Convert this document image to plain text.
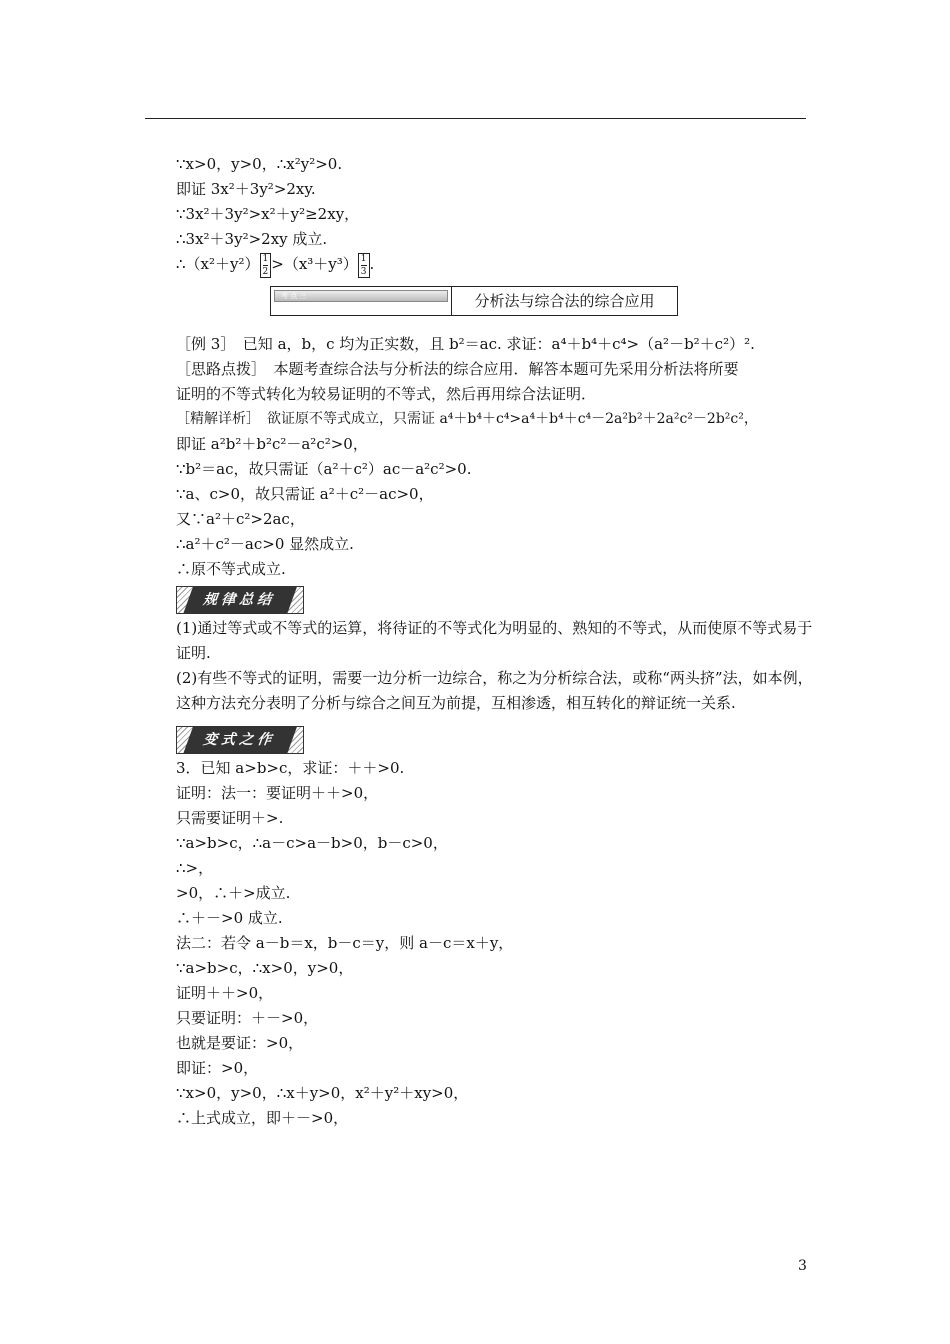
∵x>0，y>0，∴x²y²>0.
即证 3x²＋3y²>2xy.
∵3x²＋3y²>x²＋y²≥2xy，
∴3x²＋3y²>2xy 成立.
∴（x²＋y²） $\frac{1}{2} >(x^3+y^3) \frac{1}{3}$ .
考 点 三	分析法与综合法的综合应用
［例 3］　已知 a，b，c 均为正实数，且 b²＝ac. 求证：a⁴＋b⁴＋c⁴>（a²－b²＋c²）².
［思路点拨］　本题考查综合法与分析法的综合应用．解答本题可先采用分析法将所要
证明的不等式转化为较易证明的不等式，然后再用综合法证明．
［精解详析］　欲证原不等式成立，只需证 a⁴＋b⁴＋c⁴>a⁴＋b⁴＋c⁴－2a²b²＋2a²c²－2b²c²，
即证 a²b²＋b²c²－a²c²>0，
∵b²＝ac，故只需证（a²＋c²）ac－a²c²>0.
∵a、c>0，故只需证 a²＋c²－ac>0，
又∵a²＋c²>2ac，
∴a²＋c²－ac>0 显然成立.
∴原不等式成立.
规律总结
(1)通过等式或不等式的运算，将待证的不等式化为明显的、熟知的不等式，从而使原不等式易于证明.
(2)有些不等式的证明，需要一边分析一边综合，称之为分析综合法，或称“两头挤”法，如本例，这种方法充分表明了分析与综合之间互为前提，互相渗透，相互转化的辩证统一关系.
变式之作
3．已知 a>b>c，求证：＋＋>0.
证明：法一：要证明＋＋>0，
只需要证明＋>.
∵a>b>c，∴a－c>a－b>0，b－c>0，
∴>，
>0，∴＋>成立.
∴＋－>0 成立.
法二：若令 a－b＝x，b－c＝y，则 a－c＝x＋y，
∵a>b>c，∴x>0，y>0，
证明＋＋>0，
只要证明：＋－>0，
也就是要证：>0，
即证：>0，
∵x>0，y>0，∴x＋y>0，x²＋y²＋xy>0，
∴上式成立，即＋－>0，
3
